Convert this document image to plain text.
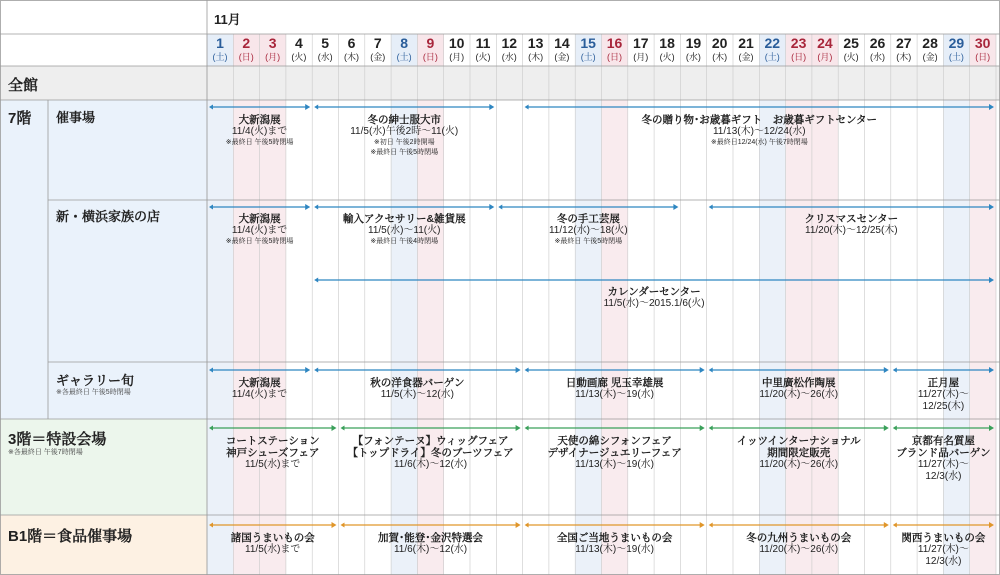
11月
1
(土)
2
(日)
3
(月)
4
(火)
5
(水)
6
(木)
7
(金)
8
(土)
9
(日)
10
(月)
11
(火)
12
(水)
13
(木)
14
(金)
15
(土)
16
(日)
17
(月)
18
(火)
19
(水)
20
(木)
21
(金)
22
(土)
23
(日)
24
(月)
25
(火)
26
(水)
27
(木)
28
(金)
29
(土)
30
(日)
全館
7階 催事場
新・横浜家族の店
ギャラリー旬
※各最終日 午後5時閉場
3階＝特設会場
※各最終日 午後7時閉場
B1階＝食品催事場
大新潟展
11/4(火)まで
※最終日 午後5時閉場
冬の紳士服大市
11/5(水)午後2時～11(火)
※初日 午後2時開場
※最終日 午後5時閉場
冬の贈り物･お歳暮ギフト　お歳暮ギフトセンター
11/13(木)～12/24(水)
※最終日12/24(水) 午後7時閉場
大新潟展
11/4(火)まで
※最終日 午後5時閉場
輸入アクセサリー&雑貨展
11/5(水)～11(火)
※最終日 午後4時閉場
冬の手工芸展
11/12(水)～18(火)
※最終日 午後5時閉場
クリスマスセンター
11/20(木)～12/25(木)
カレンダーセンター
11/5(水)～2015.1/6(火)
大新潟展
11/4(火)まで
秋の洋食器バーゲン
11/5(木)～12(水)
日動画廊 児玉幸雄展
11/13(木)～19(水)
中里廣松作陶展
11/20(木)～26(水)
正月屋
11/27(木)～
12/25(木)
コートステーション
神戸シューズフェア
11/5(水)まで
【フォンテーヌ】ウィッグフェア
【トップドライ】冬のブーツフェア
11/6(木)～12(水)
天使の綿シフォンフェア
デザイナージュエリーフェア
11/13(木)～19(水)
イッツインターナショナル
期間限定販売
11/20(木)～26(水)
京都有名質屋
ブランド品バーゲン
11/27(木)～
12/3(水)
諸国うまいもの会
11/5(水)まで
加賀･能登･金沢特選会
11/6(木)～12(水)
全国ご当地うまいもの会
11/13(木)～19(水)
冬の九州うまいもの会
11/20(木)～26(水)
関西うまいもの会
11/27(木)～
12/3(水)
